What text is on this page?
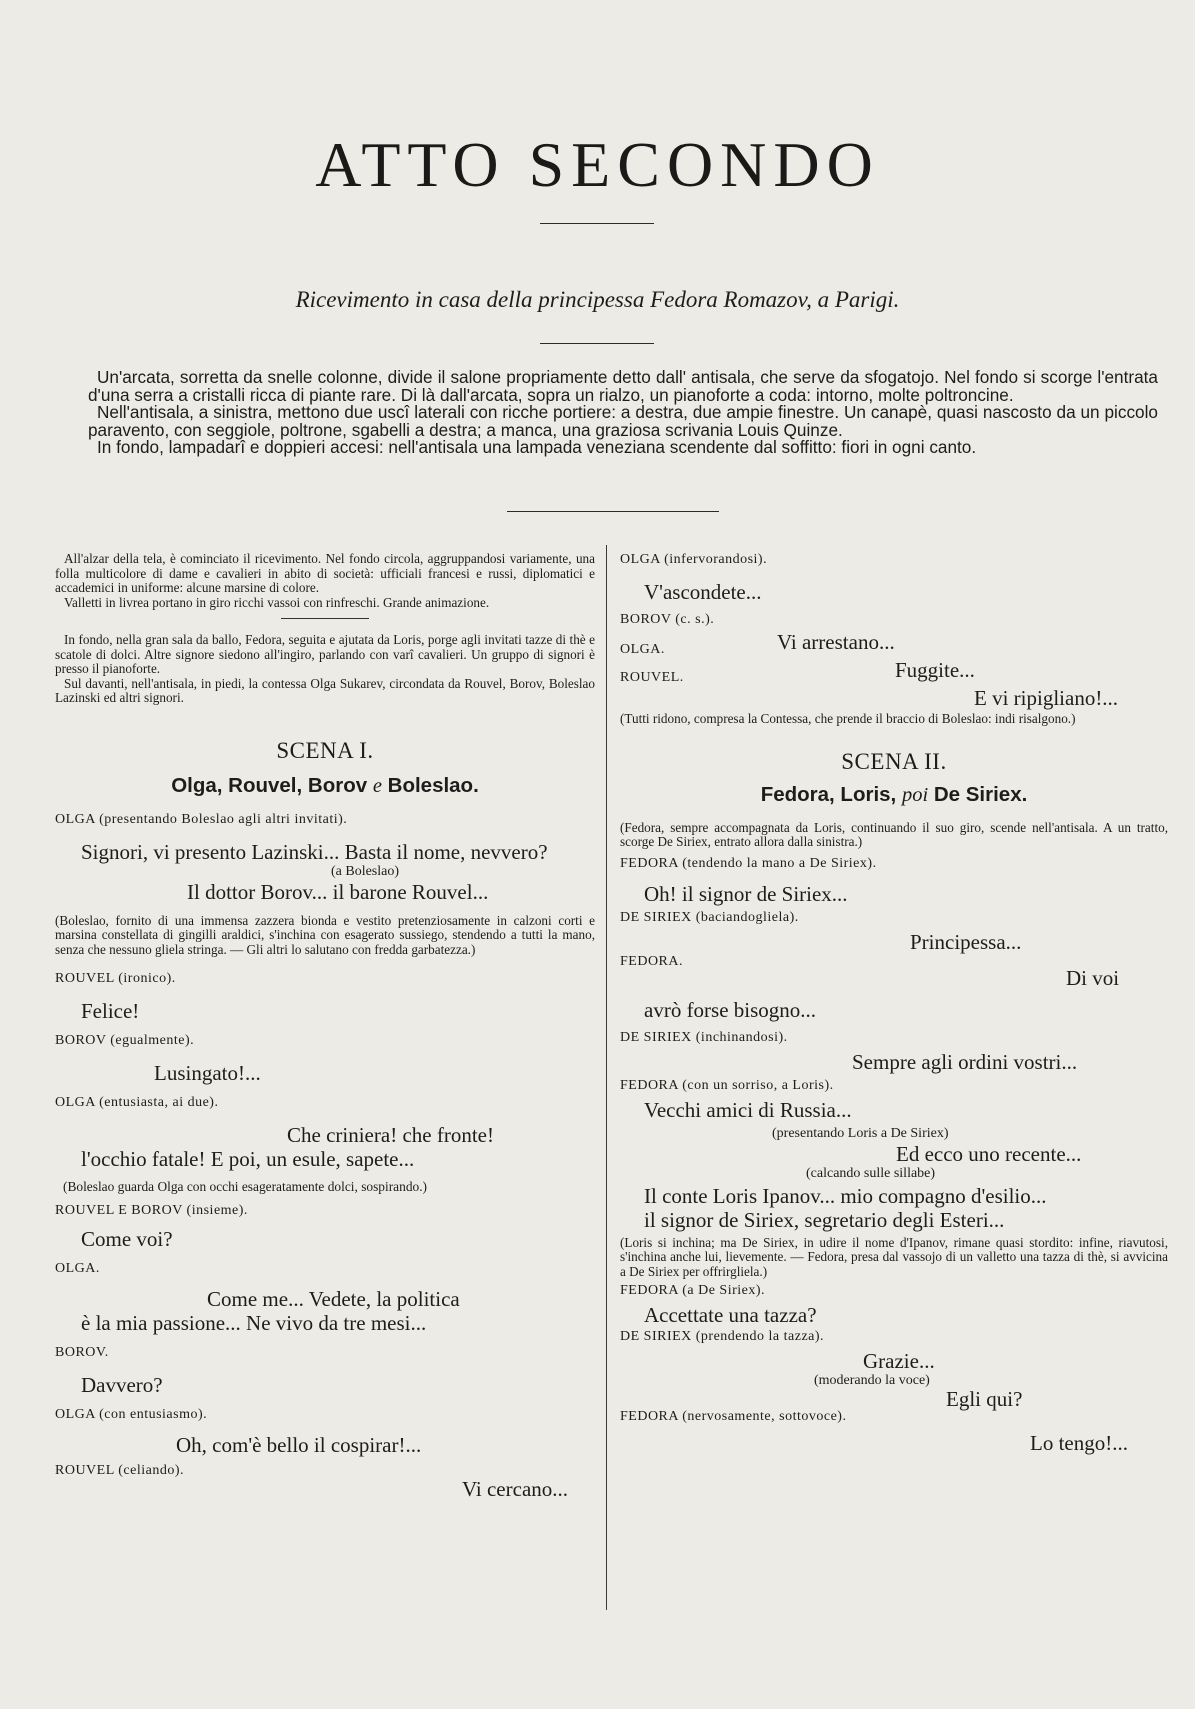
ATTO SECONDO

Ricevimento in casa della principessa Fedora Romazov, a Parigi.

Un'arcata, sorretta da snelle colonne, divide il salone propriamente detto dall' antisala, che serve da sfogatojo. Nel fondo si scorge l'entrata d'una serra a cristalli ricca di piante rare. Di là dall'arcata, sopra un rialzo, un pianoforte a coda: intorno, molte poltroncine.

Nell'antisala, a sinistra, mettono due uscî laterali con ricche portiere: a destra, due ampie finestre. Un canapè, quasi nascosto da un piccolo paravento, con seggiole, poltrone, sgabelli a destra; a manca, una graziosa scrivania Louis Quinze.

In fondo, lampadarî e doppieri accesi: nell'antisala una lampada veneziana scendente dal soffitto: fiori in ogni canto.

All'alzar della tela, è cominciato il ricevimento. Nel fondo circola, aggruppandosi variamente, una folla multicolore di dame e cavalieri in abito di società: ufficiali francesi e russi, diplomatici e accademici in uniforme: alcune marsine di colore.

Valletti in livrea portano in giro ricchi vassoi con rinfreschi. Grande animazione.

In fondo, nella gran sala da ballo, Fedora, seguita e ajutata da Loris, porge agli invitati tazze di thè e scatole di dolci. Altre signore siedono all'ingiro, parlando con varî cavalieri. Un gruppo di signori è presso il pianoforte.

Sul davanti, nell'antisala, in piedi, la contessa Olga Sukarev, circondata da Rouvel, Borov, Boleslao Lazinski ed altri signori.

SCENA I.

Olga, Rouvel, Borov e Boleslao.

OLGA (presentando Boleslao agli altri invitati).

Signori, vi presento Lazinski... Basta il nome, nevvero?

(a Boleslao)

Il dottor Borov... il barone Rouvel...

(Boleslao, fornito di una immensa zazzera bionda e vestito pretenziosamente in calzoni corti e marsina constellata di gingilli araldici, s'inchina con esagerato sussiego, stendendo a tutti la mano, senza che nessuno gliela stringa. — Gli altri lo salutano con fredda garbatezza.)

ROUVEL (ironico).

Felice!

BOROV (egualmente).

Lusingato!...

OLGA (entusiasta, ai due).

Che criniera! che fronte!

l'occhio fatale! E poi, un esule, sapete...

(Boleslao guarda Olga con occhi esageratamente dolci, sospirando.)

ROUVEL E BOROV (insieme).

Come voi?

OLGA.

Come me... Vedete, la politica

è la mia passione... Ne vivo da tre mesi...

BOROV.

Davvero?

OLGA (con entusiasmo).

Oh, com'è bello il cospirar!...

ROUVEL (celiando).

Vi cercano...

OLGA (infervorandosi).

V'ascondete...

BOROV (c. s.).

Vi arrestano...

OLGA.

Fuggite...

ROUVEL.

E vi ripigliano!...

(Tutti ridono, compresa la Contessa, che prende il braccio di Boleslao: indi risalgono.)

SCENA II.

Fedora, Loris, poi De Siriex.

(Fedora, sempre accompagnata da Loris, continuando il suo giro, scende nell'antisala. A un tratto, scorge De Siriex, entrato allora dalla sinistra.)

FEDORA (tendendo la mano a De Siriex).

Oh! il signor de Siriex...

DE SIRIEX (baciandogliela).

Principessa...

FEDORA.

Di voi

avrò forse bisogno...

DE SIRIEX (inchinandosi).

Sempre agli ordini vostri...

FEDORA (con un sorriso, a Loris).

Vecchi amici di Russia...

(presentando Loris a De Siriex)

Ed ecco uno recente...

(calcando sulle sillabe)

Il conte Loris Ipanov... mio compagno d'esilio...

il signor de Siriex, segretario degli Esteri...

(Loris si inchina; ma De Siriex, in udire il nome d'Ipanov, rimane quasi stordito: infine, riavutosi, s'inchina anche lui, lievemente. — Fedora, presa dal vassojo di un valletto una tazza di thè, si avvicina a De Siriex per offrirgliela.)

FEDORA (a De Siriex).

Accettate una tazza?

DE SIRIEX (prendendo la tazza).

Grazie...

(moderando la voce)

Egli qui?

FEDORA (nervosamente, sottovoce).

Lo tengo!...
